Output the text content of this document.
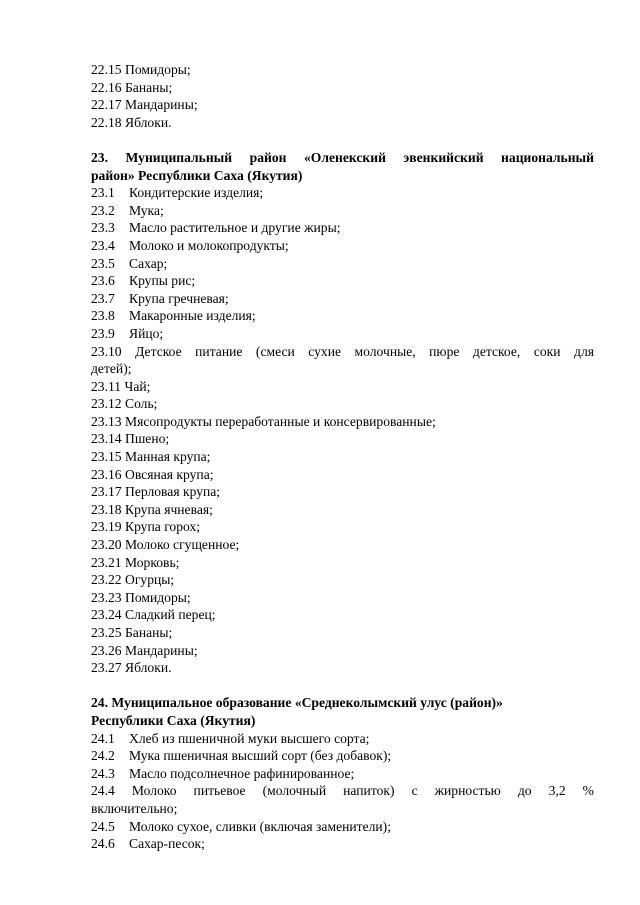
22.15 Помидоры;
22.16 Бананы;
22.17 Мандарины;
22.18 Яблоки.
23. Муниципальный район «Оленекский эвенкийский национальный
район» Республики Саха (Якутия)
23.1 Кондитерские изделия;
23.2 Мука;
23.3 Масло растительное и другие жиры;
23.4 Молоко и молокопродукты;
23.5 Сахар;
23.6 Крупы рис;
23.7 Крупа гречневая;
23.8 Макаронные изделия;
23.9 Яйцо;
23.10 Детское питание (смеси сухие молочные, пюре детское, соки для
детей);
23.11 Чай;
23.12 Соль;
23.13 Мясопродукты переработанные и консервированные;
23.14 Пшено;
23.15 Манная крупа;
23.16 Овсяная крупа;
23.17 Перловая крупа;
23.18 Крупа ячневая;
23.19 Крупа горох;
23.20 Молоко сгущенное;
23.21 Морковь;
23.22 Огурцы;
23.23 Помидоры;
23.24 Сладкий перец;
23.25 Бананы;
23.26 Мандарины;
23.27 Яблоки.
24. Муниципальное образование «Среднеколымский улус (район)»
Республики Саха (Якутия)
24.1 Хлеб из пшеничной муки высшего сорта;
24.2 Мука пшеничная высший сорт (без добавок);
24.3 Масло подсолнечное рафинированное;
24.4 Молоко питьевое (молочный напиток) с жирностью до 3,2 %
включительно;
24.5 Молоко сухое, сливки (включая заменители);
24.6 Сахар-песок;
